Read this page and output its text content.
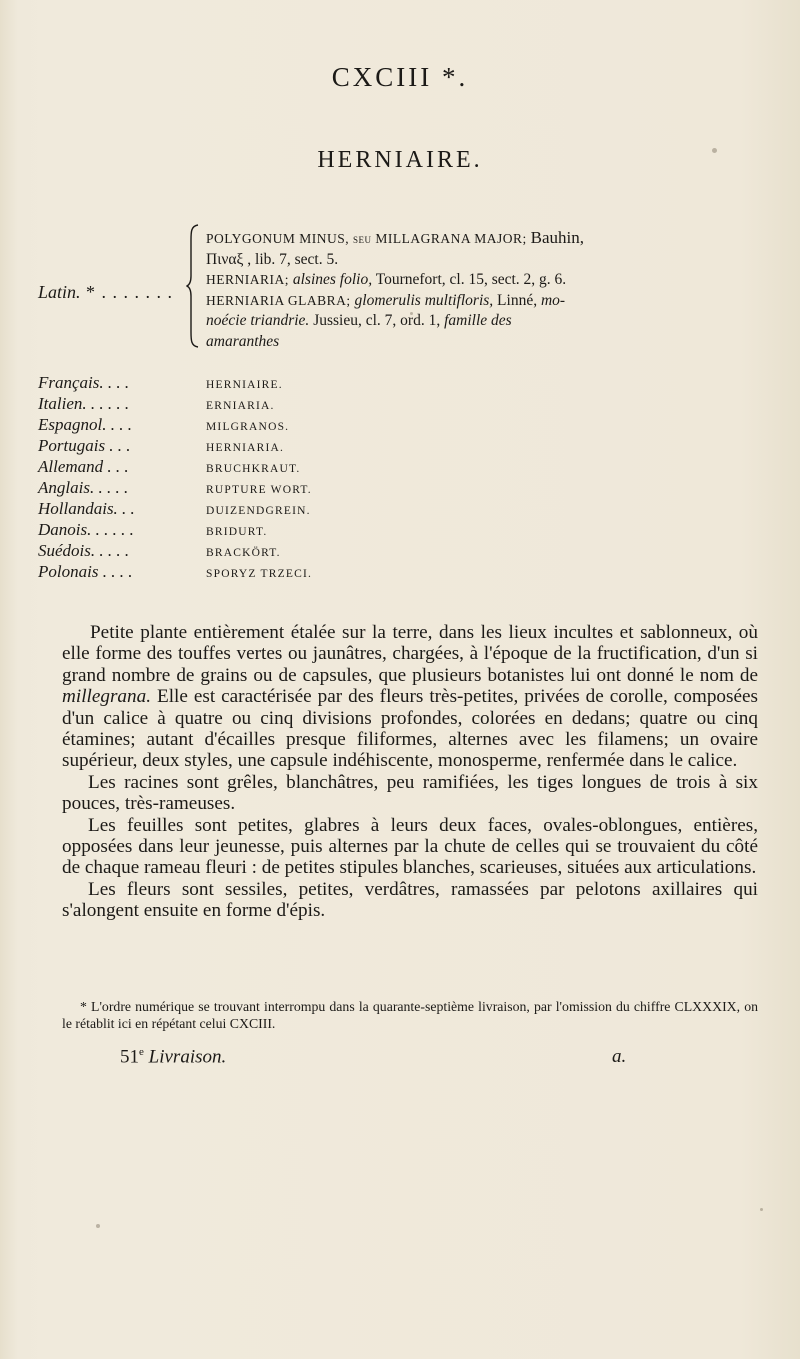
CXCIII *.
HERNIAIRE.
Latin. * . . . . . . .
POLYGONUM MINUS, seu MILLAGRANA MAJOR; Bauhin,
Πιναξ , lib. 7, sect. 5.
HERNIARIA; alsines folio, Tournefort, cl. 15, sect. 2, g. 6.
HERNIARIA GLABRA; glomerulis multifloris, Linné, mo-
noécie triandrie. Jussieu, cl. 7, ord. 1, famille des
amaranthes
Français. . . .	HERNIAIRE.
Italien. . . . . .	ERNIARIA.
Espagnol. . . .	MILGRANOS.
Portugais . . .	HERNIARIA.
Allemand . . .	BRUCHKRAUT.
Anglais. . . . .	RUPTURE WORT.
Hollandais. . .	DUIZENDGREIN.
Danois. . . . . .	BRIDURT.
Suédois. . . . .	BRACKÖRT.
Polonais . . . .	SPORYZ TRZECI.

Petite plante entièrement étalée sur la terre, dans les lieux incultes et sablonneux, où elle forme des touffes vertes ou jaunâtres, chargées, à l'époque de la fructification, d'un si grand nombre de grains ou de capsules, que plusieurs botanistes lui ont donné le nom de millegrana. Elle est caractérisée par des fleurs très-petites, privées de corolle, composées d'un calice à quatre ou cinq divisions profondes, colorées en dedans; quatre ou cinq étamines; autant d'écailles presque filiformes, alternes avec les filamens; un ovaire supérieur, deux styles, une capsule indéhiscente, monosperme, renfermée dans le calice.

Les racines sont grêles, blanchâtres, peu ramifiées, les tiges longues de trois à six pouces, très-rameuses.

Les feuilles sont petites, glabres à leurs deux faces, ovales-oblongues, entières, opposées dans leur jeunesse, puis alternes par la chute de celles qui se trouvaient du côté de chaque rameau fleuri : de petites stipules blanches, scarieuses, situées aux articulations.

Les fleurs sont sessiles, petites, verdâtres, ramassées par pelotons axillaires qui s'alongent ensuite en forme d'épis.

* L'ordre numérique se trouvant interrompu dans la quarante-septième livraison, par l'omission du chiffre CLXXXIX, on le rétablit ici en répétant celui CXCIII.
51e Livraison.	a.
